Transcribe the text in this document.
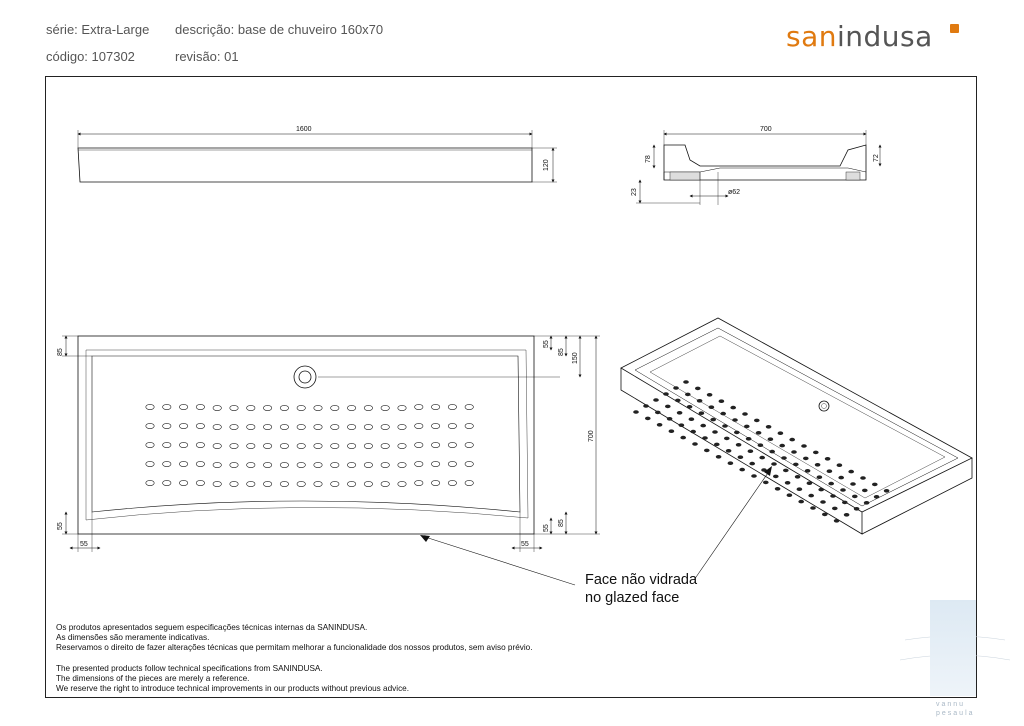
série: Extra-Large descrição: base de chuveiro 160x70
código: 107302	revisão: 01
sanindusa
1600
120
700
78	72
23	ø62
85
55
55
85
150
700
55
85
55	55
vannu
pesaula
Face não vidrada
no glazed face
Os produtos apresentados seguem especificações técnicas internas da SANINDUSA.
As dimensões são meramente indicativas.
Reservamos o direito de fazer alterações técnicas que permitam melhorar a funcionalidade dos nossos produtos, sem aviso prévio.
The presented products follow technical specifications from SANINDUSA.
The dimensions of the pieces are merely a reference.
We reserve the right to introduce technical improvements in our products without previous advice.
